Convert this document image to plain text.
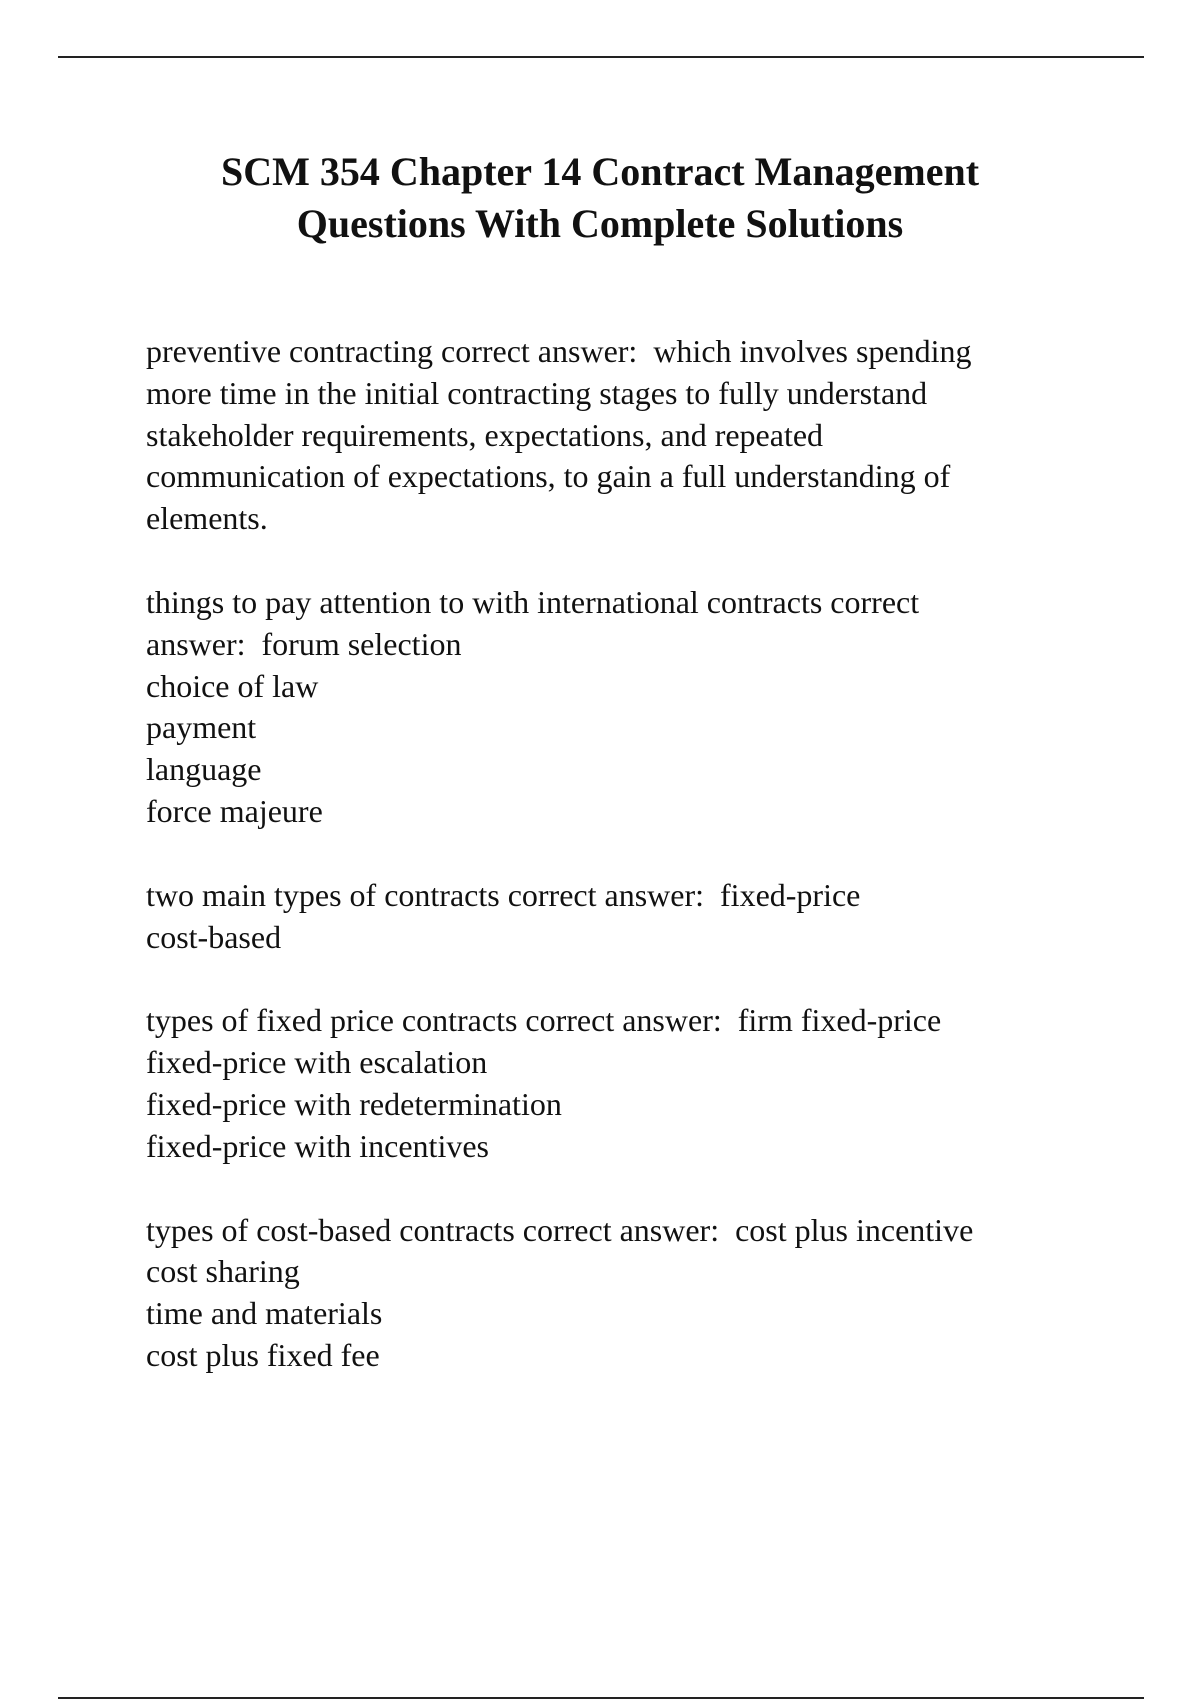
SCM 354 Chapter 14 Contract Management
Questions With Complete Solutions
preventive contracting correct answer:  which involves spending
more time in the initial contracting stages to fully understand
stakeholder requirements, expectations, and repeated
communication of expectations, to gain a full understanding of
elements.
things to pay attention to with international contracts correct
answer:  forum selection
choice of law
payment
language
force majeure
two main types of contracts correct answer:  fixed-price
cost-based
types of fixed price contracts correct answer:  firm fixed-price
fixed-price with escalation
fixed-price with redetermination
fixed-price with incentives
types of cost-based contracts correct answer:  cost plus incentive
cost sharing
time and materials
cost plus fixed fee
